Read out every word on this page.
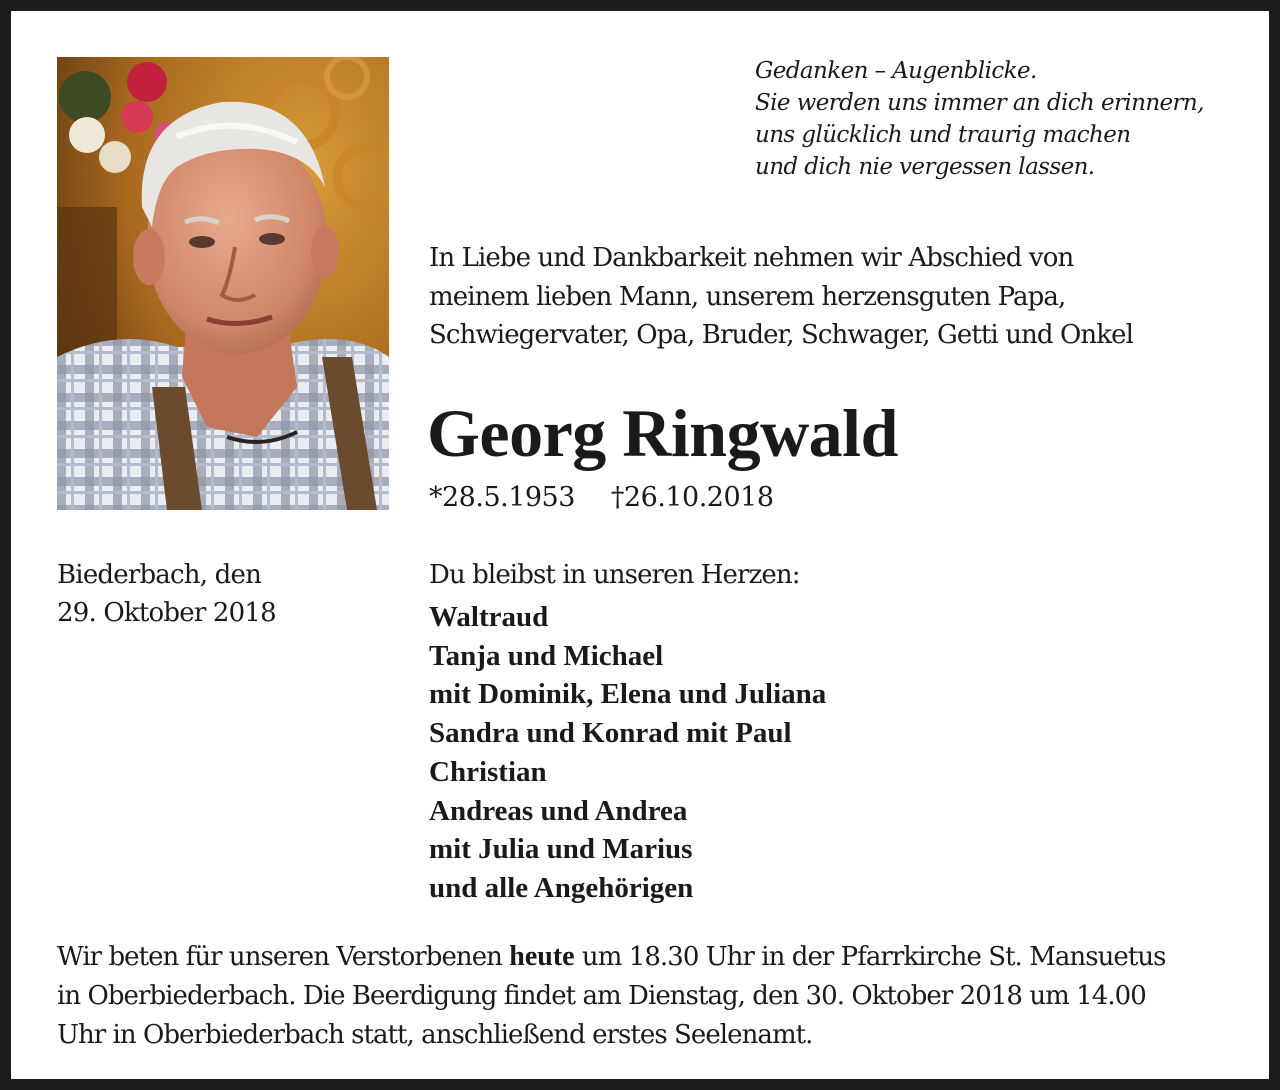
Gedanken – Augenblicke.
Sie werden uns immer an dich erinnern,
uns glücklich und traurig machen
und dich nie vergessen lassen.
In Liebe und Dankbarkeit nehmen wir Abschied von
meinem lieben Mann, unserem herzensguten Papa,
Schwiegervater, Opa, Bruder, Schwager, Getti und Onkel
Georg Ringwald
*28.5.1953 †26.10.2018
Biederbach, den
29. Oktober 2018
Du bleibst in unseren Herzen:
Waltraud
Tanja und Michael
mit Dominik, Elena und Juliana
Sandra und Konrad mit Paul
Christian
Andreas und Andrea
mit Julia und Marius
und alle Angehörigen
Wir beten für unseren Verstorbenen heute um 18.30 Uhr in der Pfarrkirche St. Mansuetus
in Oberbiederbach. Die Beerdigung findet am Dienstag, den 30. Oktober 2018 um 14.00
Uhr in Oberbiederbach statt, anschließend erstes Seelenamt.
